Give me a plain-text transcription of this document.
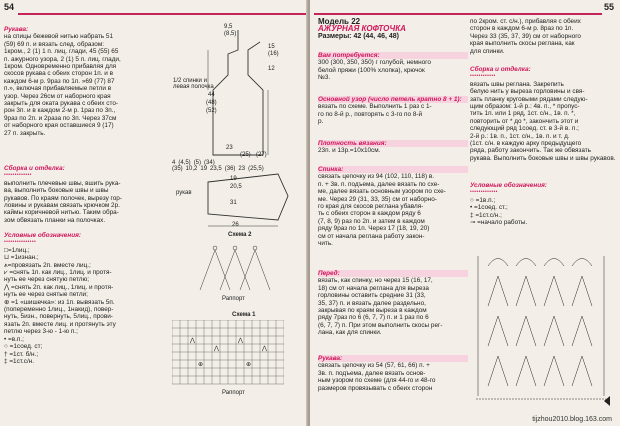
54
Рукава:
на спицы бежевой нитью набрать 51
(59) 69 п. и вязать след. образом:
1кром., 2 (1) 1 п. лиц. глади, 45 (55) 65
п. ажурного узора, 2 (1) 5 п. лиц. глади,
1кром. Одновременно прибавляя для
скосов рукава с обеих сторон 1п. и в
каждом 6-м р. 9раз по 1п. »69 (77) 87
п.», включая прибавляемые петли в
узор. Через 26см от наборного края
закрыть для оката рукава с обеих сто-
рон 3п. и в каждом 2-м р. 1раз по 3п.,
9раз по 2п. и 2раза по 3п. Через 37см
от наборного края оставшиеся 9 (17)
27 п. закрыть.
Сборка и отделка:
• • • • • • • • • • • • •
выполнить плечевые швы, вшить рука-
ва, выполнить боковые швы и швы
рукавов. По краям полочек, вырезу гор-
ловины и рукавам связать крючком 2р.
каймы коричневой нитью. Таким обра-
зом обвязать планки на полочках.
Условные обозначения:
• • • • • • • • • • • • • • •
□=1лиц.;
⊔ =1изнан.;
⩚=провязать 2п. вместе лиц.;
⩗ =снять 1п. как лиц., 1лиц. и протя-
нуть ее через снятую петлю;
⋀ =снять 2п. как лиц., 1лиц. и протя-
нуть ее через снятые петли;
⊕ =1 «шишечка»: из 1п. вывязать 5п.
(попеременно 1лиц., 1накид), повер-
нуть, 5изн., повернуть, 5лиц., прови-
язать 2п. вместе лиц. и протянуть эту
петлю через 3-ю - 1-ю п.;
• =в.п.;
○ =1соед. ст;
† =1ст. б/н.;
‡ =1ст.с/н.
1/2 спинки и левая полочка
9,5
(8,5)
15
(16)
12
44
(48)
(52)
23
(25) (27)
рукав
19
20,5
31
26
Схема 2
Раппорт
Схема 1
⋀
⋀
⋀
⋀
⊕	⊕
Раппорт
4 (4,5) (5) (34)(35) 10,2 19 23,5 (36) 23 (25,5)
55
Модель 22
АЖУРНАЯ КОФТОЧКА
Размеры: 42 (44, 46, 48)
Вам потребуется:
300 (300, 350, 350) г голубой, немного
белой пряжи (100% хлопка), крючок
№3.
Основной узор (число петель кратно 8 + 1):
вязать по схеме. Выполнить 1 раз с 1-
го по 8-й р., повторять с 3-го по 8-й
р.
Плотность вязания:
23п. и 13р.=10х10см.
Спинка:
связать цепочку из 94 (102, 110, 118) в.
п. + 3в. п. подъема, далее вязать по схе-
ме, далее вязать основным узором по схе-
ме. Через 29 (31, 33, 35) см от наборно-
го края для скосов реглана убавля-
ть с обеих сторон в каждом ряду 6
(7, 8, 9) раз по 2п. и затем в каждом
ряду 9раз по 1п. Через 17 (18, 19, 20)
см от начала реглана работу закон-
чить.
Перед:
вязать, как спинку, но через 15 (16, 17,
18) см от начала реглана для выреза
горловины оставить средние 31 (33,
35, 37) п. и вязать далее раздельно,
закрывая по краям выреза в каждом
ряду 7раз по 6 (6, 7, 7) п. и 1 раз по 6
(6, 7, 7) п. При этом выполнить скосы рег-
лана, как для спинки.
Рукава:
связать цепочку из 54 (57, 61, 66) п. +
3в. п. подъема, далее вязать основ-
ным узором по схеме (для 44-го и 48-го
размеров провязывать с обеих сторон
по 2кром. ст. с/н.), прибавляя с обеих
сторон в каждом 6-м р. 8раз по 1п.
Через 33 (35, 37, 39) см от наборного
края выполнить скосы реглана, как
для спинки.
Сборка и отделка:
• • • • • • • • • • • •
вязать швы реглана. Закрепить
белую нить у выреза горловины и свя-
зать планку круговыми рядами следую-
щим образом: 1-й р.: 4в. п., * пропус-
тить 1п. или 1 ряд, 1ст. с/н., 1в. п. *,
повторить от * до *, закончить этот и
следующий ряд 1соед. ст. в 3-й в. п.;
2-й р.: 1в. п., 1ст. с/н., 1в. п. и т. д.
(1ст. с/н. в каждую арку предыдущего
ряда, работу закончить. Так же обвязать
рукава. Выполнить боковые швы и швы рукавов.
Условные обозначения:
• • • • • • • • • • • • •
○ =1в.п.;
• =1соед. ст.;
‡ =1ст.с/н.;
⊸ =начало работы.
tijzhou2010.blog.163.com
